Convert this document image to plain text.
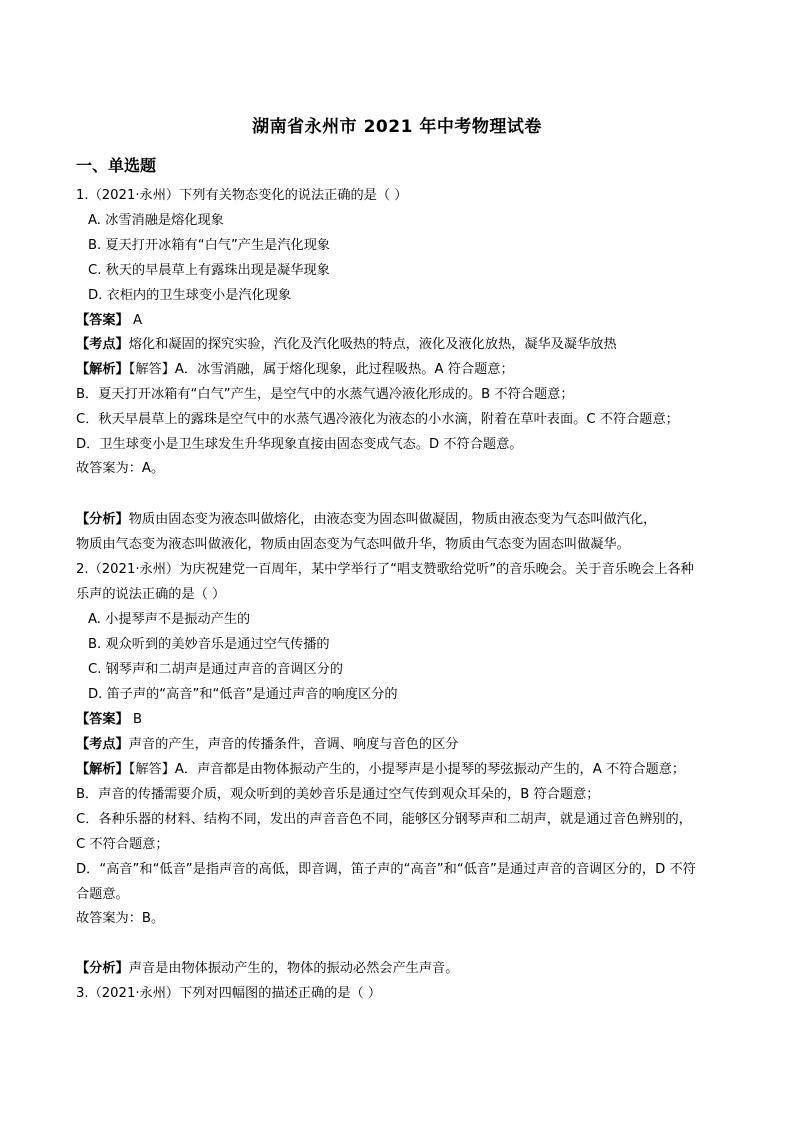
湖南省永州市 2021 年中考物理试卷
一、单选题
1.（2021·永州）下列有关物态变化的说法正确的是（ ）
A. 冰雪消融是熔化现象
B. 夏天打开冰箱有“白气”产生是汽化现象
C. 秋天的早晨草上有露珠出现是凝华现象
D. 衣柜内的卫生球变小是汽化现象
【答案】 A
【考点】熔化和凝固的探究实验，汽化及汽化吸热的特点，液化及液化放热，凝华及凝华放热
【解析】【解答】A．冰雪消融，属于熔化现象，此过程吸热。A 符合题意；
B．夏天打开冰箱有“白气”产生，是空气中的水蒸气遇冷液化形成的。B 不符合题意；
C．秋天早晨草上的露珠是空气中的水蒸气遇冷液化为液态的小水滴，附着在草叶表面。C 不符合题意；
D．卫生球变小是卫生球发生升华现象直接由固态变成气态。D 不符合题意。
故答案为：A。
【分析】物质由固态变为液态叫做熔化，由液态变为固态叫做凝固，物质由液态变为气态叫做汽化，
物质由气态变为液态叫做液化，物质由固态变为气态叫做升华，物质由气态变为固态叫做凝华。
2.（2021·永州）为庆祝建党一百周年，某中学举行了“唱支赞歌给党听”的音乐晚会。关于音乐晚会上各种
乐声的说法正确的是（ ）
A. 小提琴声不是振动产生的
B. 观众听到的美妙音乐是通过空气传播的
C. 钢琴声和二胡声是通过声音的音调区分的
D. 笛子声的“高音”和“低音”是通过声音的响度区分的
【答案】 B
【考点】声音的产生，声音的传播条件，音调、响度与音色的区分
【解析】【解答】A．声音都是由物体振动产生的，小提琴声是小提琴的琴弦振动产生的，A 不符合题意；
B．声音的传播需要介质，观众听到的美妙音乐是通过空气传到观众耳朵的，B 符合题意；
C．各种乐器的材料、结构不同，发出的声音音色不同，能够区分钢琴声和二胡声，就是通过音色辨别的，
C 不符合题意；
D．“高音”和“低音”是指声音的高低，即音调，笛子声的“高音”和“低音”是通过声音的音调区分的，D 不符
合题意。
故答案为：B。
【分析】声音是由物体振动产生的，物体的振动必然会产生声音。
3.（2021·永州）下列对四幅图的描述正确的是（ ）
